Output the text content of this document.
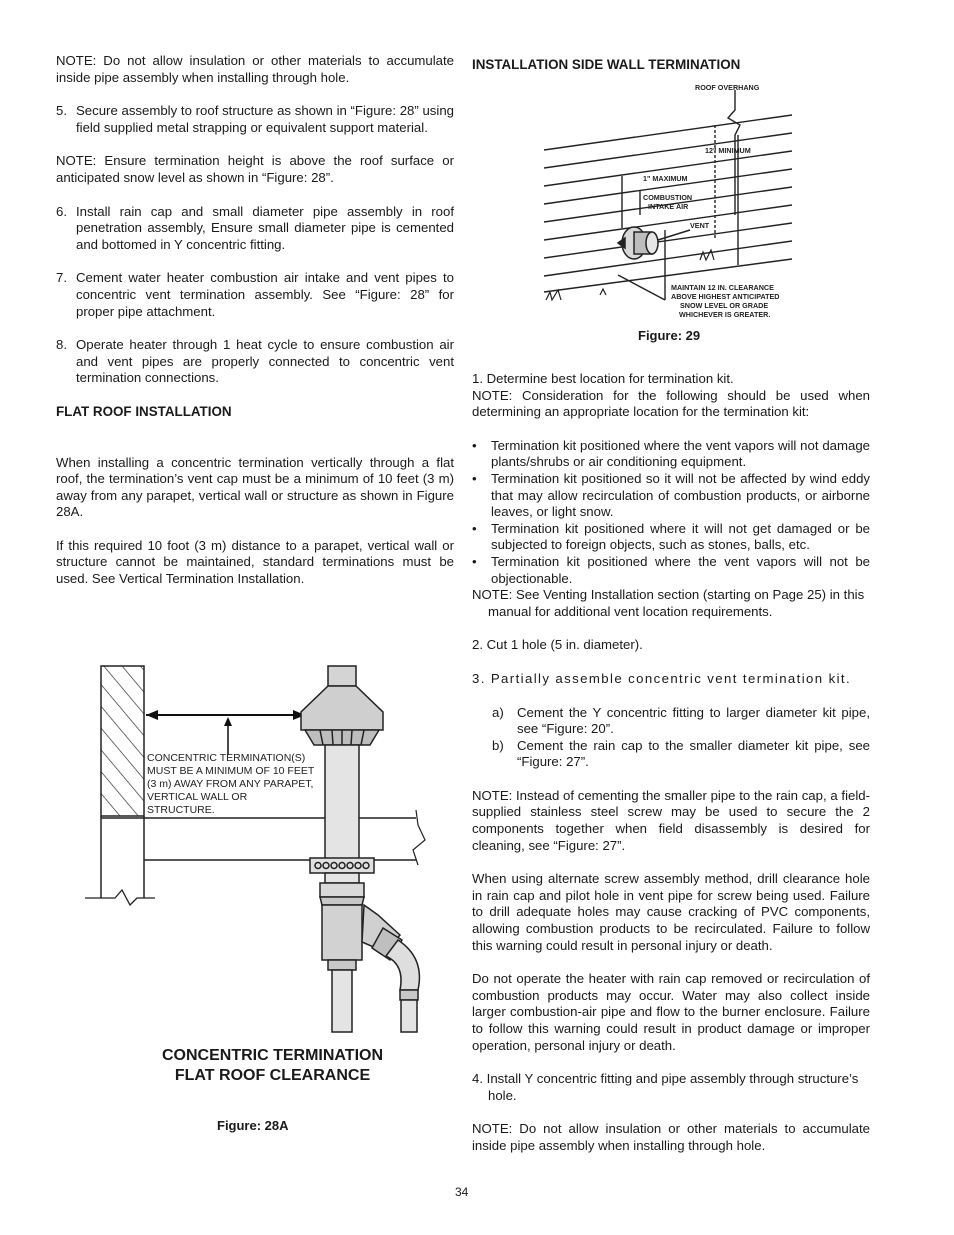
NOTE: Do not allow insulation or other materials to accumulate inside pipe assembly when installing through hole.

5. Secure assembly to roof structure as shown in “Figure: 28” using field supplied metal strapping or equivalent support material.

NOTE: Ensure termination height is above the roof surface or anticipated snow level as shown in “Figure: 28”.

6. Install rain cap and small diameter pipe assembly in roof penetration assembly, Ensure small diameter pipe is cemented and bottomed in Y concentric fitting.
7. Cement water heater combustion air intake and vent pipes to concentric vent termination assembly. See “Figure: 28” for proper pipe attachment.
8. Operate heater through 1 heat cycle to ensure combustion air and vent pipes are properly connected to concentric vent termination connections.

FLAT ROOF INSTALLATION

When installing a concentric termination vertically through a flat roof, the termination’s vent cap must be a minimum of 10 feet (3 m) away from any parapet, vertical wall or structure as shown in Figure 28A.

If this required 10 foot (3 m) distance to a parapet, vertical wall or structure cannot be maintained, standard terminations must be used. See Vertical Termination Installation.

CONCENTRIC TERMINATION(S) MUST BE A MINIMUM OF 10 FEET (3 m) AWAY FROM ANY PARAPET, VERTICAL WALL OR STRUCTURE.
CONCENTRIC TERMINATION
FLAT ROOF CLEARANCE
Figure: 28A
INSTALLATION SIDE WALL TERMINATION
ROOF OVERHANG
12" MINIMUM
1" MAXIMUM
COMBUSTION
INTAKE AIR
VENT
MAINTAIN 12 IN. CLEARANCE
ABOVE HIGHEST ANTICIPATED
SNOW LEVEL OR GRADE
WHICHEVER IS GREATER.
Figure: 29

1. Determine best location for termination kit.

NOTE: Consideration for the following should be used when determining an appropriate location for the termination kit:

•	Termination kit positioned where the vent vapors will not damage plants/shrubs or air conditioning equipment.
•	Termination kit positioned so it will not be affected by wind eddy that may allow recirculation of combustion products, or airborne leaves, or light snow.
•	Termination kit positioned where it will not get damaged or be subjected to foreign objects, such as stones, balls, etc.
•	Termination kit positioned where the vent vapors will not be objectionable.

NOTE: See Venting Installation section (starting on Page 25) in this manual for additional vent location requirements.

2. Cut 1 hole (5 in. diameter).

3. Partially assemble concentric vent termination kit.

a)	Cement the Y concentric fitting to larger diameter kit pipe, see “Figure: 20”.
b)	Cement the rain cap to the smaller diameter kit pipe, see “Figure: 27”.

NOTE: Instead of cementing the smaller pipe to the rain cap, a field-supplied stainless steel screw may be used to secure the 2 components together when field disassembly is desired for cleaning, see “Figure: 27”.

When using alternate screw assembly method, drill clearance hole in rain cap and pilot hole in vent pipe for screw being used. Failure to drill adequate holes may cause cracking of PVC components, allowing combustion products to be recirculated. Failure to follow this warning could result in personal injury or death.

Do not operate the heater with rain cap removed or recirculation of combustion products may occur. Water may also collect inside larger combustion-air pipe and flow to the burner enclosure. Failure to follow this warning could result in product damage or improper operation, personal injury or death.

4. Install Y concentric fitting and pipe assembly through structure’s hole.

NOTE: Do not allow insulation or other materials to accumulate inside pipe assembly when installing through hole.

34
